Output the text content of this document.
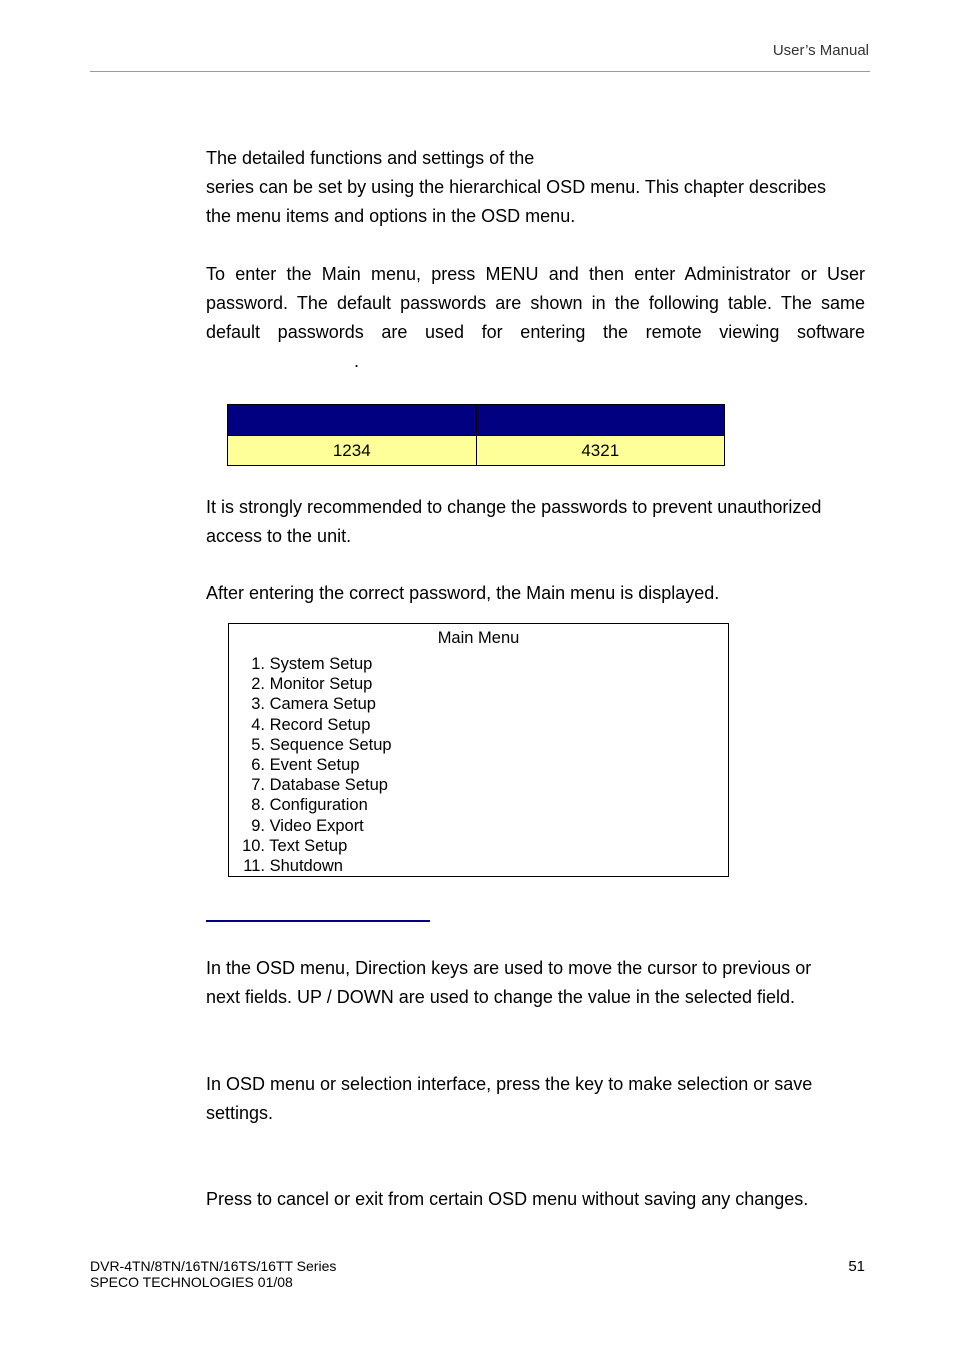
User’s Manual
The detailed functions and settings of the
series can be set by using the hierarchical OSD menu. This chapter describes
the menu items and options in the OSD menu.
To enter the Main menu, press MENU and then enter Administrator or User
password. The default passwords are shown in the following table. The same
default passwords are used for entering the remote viewing software
.

1234	4321
It is strongly recommended to change the passwords to prevent unauthorized
access to the unit.
After entering the correct password, the Main menu is displayed.
Main Menu
1. System Setup
2. Monitor Setup
3. Camera Setup
4. Record Setup
5. Sequence Setup
6. Event Setup
7. Database Setup
8. Configuration
9. Video Export
10. Text Setup
11. Shutdown
In the OSD menu, Direction keys are used to move the cursor to previous or
next fields. UP / DOWN are used to change the value in the selected field.
In OSD menu or selection interface, press the key to make selection or save
settings.
Press to cancel or exit from certain OSD menu without saving any changes.
DVR-4TN/8TN/16TN/16TS/16TT Series
SPECO TECHNOLOGIES 01/08
51
